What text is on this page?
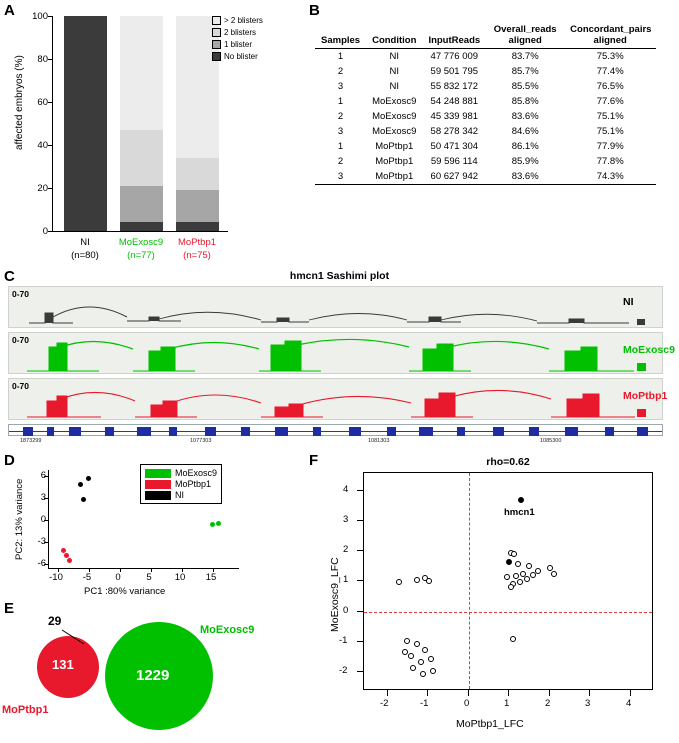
A
affected embryos (%)
100
80
60
40
20
0
NI
(n=80)
MoExosc9
(n=77)
MoPtbp1
(n=75)
> 2 blisters
2 blisters
1 blister
No blister
B
Samples	Condition	InputReads	Overall_reads aligned	Concordant_pairs aligned
1	NI	47 776 009	83.7%	75.3%
2	NI	59 501 795	85.7%	77.4%
3	NI	55 832 172	85.5%	76.5%
1	MoExosc9	54 248 881	85.8%	77.6%
2	MoExosc9	45 339 981	83.6%	75.1%
3	MoExosc9	58 278 342	84.6%	75.1%
1	MoPtbp1	50 471 304	86.1%	77.9%
2	MoPtbp1	59 596 114	85.9%	77.8%
3	MoPtbp1	60 627 942	83.6%	74.3%
C	hmcn1 Sashimi plot
0-70
NI
0-70
MoExosc9
0-70
MoPtbp1
1873299	1077303	1081303	1085300
D
PC2: 13% variance
6
3
0
-3
-6
-10	-5	0	5	10	15
PC1 :80% variance
MoExosc9
MoPtbp1
NI
E
131
1229
29
MoPtbp1
MoExosc9
F	rho=0.62
MoExosc9_LFC
hmcn1
4
3
2
1
0
-1
-2
-2	-1	0	1	2	3	4
MoPtbp1_LFC
